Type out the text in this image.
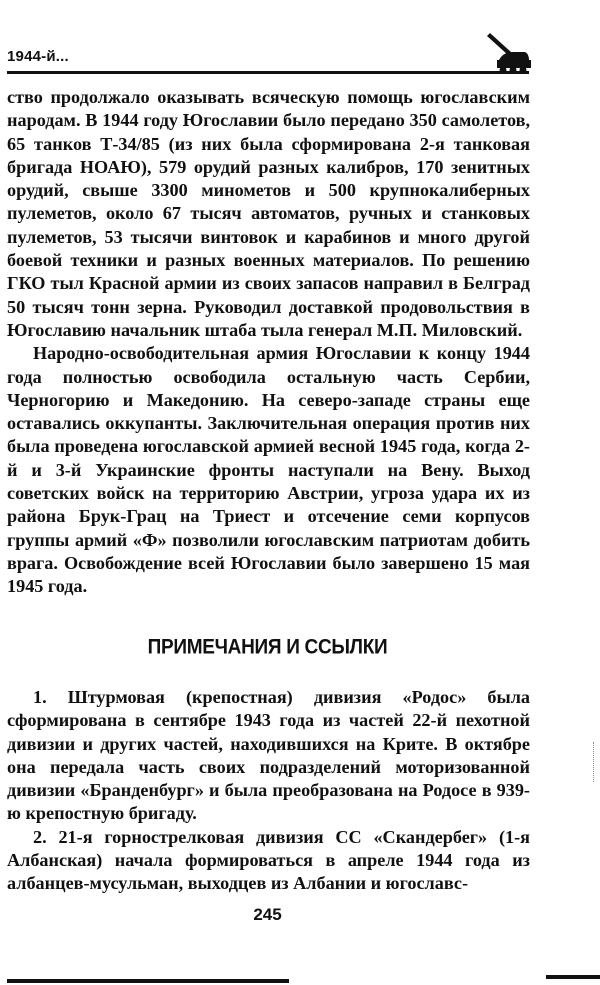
1944-й...

ство продолжало оказывать всяческую помощь югославским народам. В 1944 году Югославии было передано 350 самолетов, 65 танков Т-34/85 (из них была сформирована 2-я танковая бригада НОАЮ), 579 орудий разных калибров, 170 зенитных орудий, свыше 3300 минометов и 500 крупнокалиберных пулеметов, около 67 тысяч автоматов, ручных и станковых пулеметов, 53 тысячи винтовок и карабинов и много другой боевой техники и разных военных материалов. По решению ГКО тыл Красной армии из своих запасов направил в Белград 50 тысяч тонн зерна. Руководил доставкой продовольствия в Югославию начальник штаба тыла генерал М.П. Миловский.

Народно-освободительная армия Югославии к концу 1944 года полностью освободила остальную часть Сербии, Черногорию и Македонию. На северо-западе страны еще оставались оккупанты. Заключительная операция против них была проведена югославской армией весной 1945 года, когда 2-й и 3-й Украинские фронты наступали на Вену. Выход советских войск на территорию Австрии, угроза удара их из района Брук-Грац на Триест и отсечение семи корпусов группы армий «Ф» позволили югославским патриотам добить врага. Освобождение всей Югославии было завершено 15 мая 1945 года.

ПРИМЕЧАНИЯ И ССЫЛКИ

1. Штурмовая (крепостная) дивизия «Родос» была сформирована в сентябре 1943 года из частей 22-й пехотной дивизии и других частей, находившихся на Крите. В октябре она передала часть своих подразделений моторизованной дивизии «Бранденбург» и была преобразована на Родосе в 939-ю крепостную бригаду.

2. 21-я горнострелковая дивизия СС «Скандербег» (1-я Албанская) начала формироваться в апреле 1944 года из албанцев-мусульман, выходцев из Албании и югославс-

245
